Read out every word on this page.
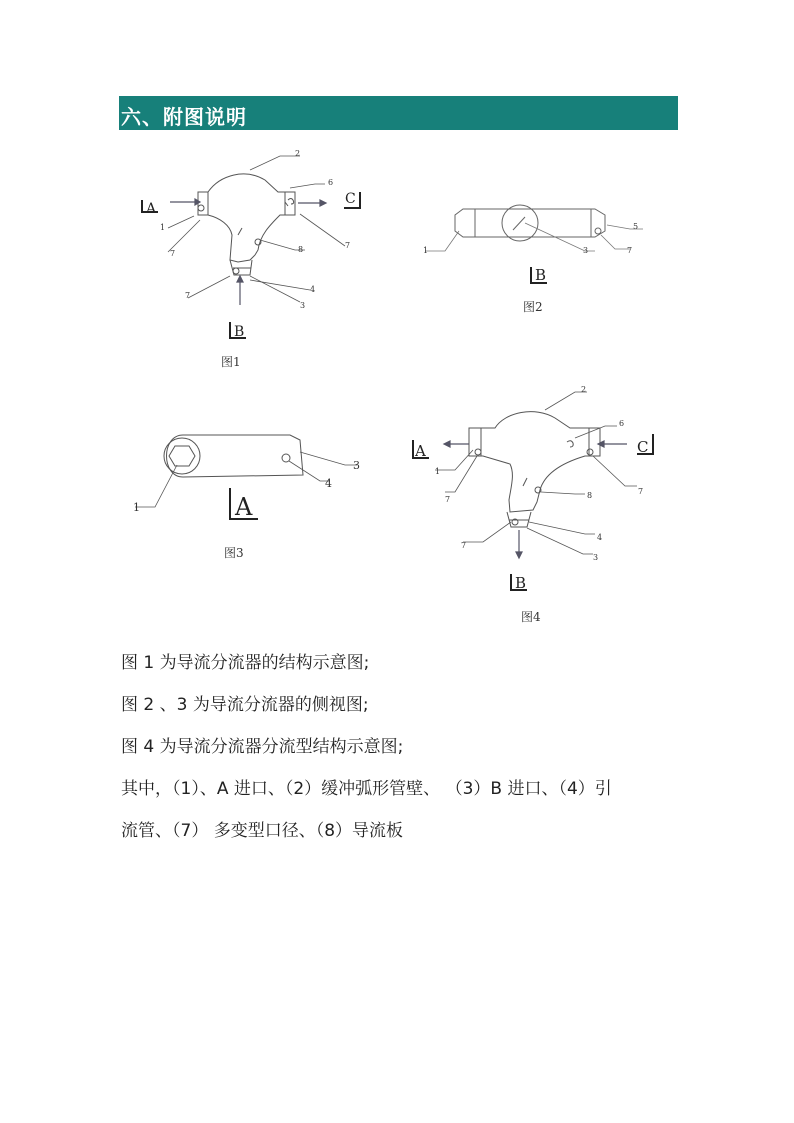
六、附图说明
A
C
B
2
1
7
6
7
8
7
4
3
图1
B
1	3
5
7
图2
A
1
3
4
图3
A	C
B
2
1
7
6
7
8
7
4
3
图4
图 1 为导流分流器的结构示意图;
图 2 、3 为导流分流器的侧视图;
图 4 为导流分流器分流型结构示意图;
其中，（1）、A 进口、（2）缓冲弧形管壁、 （3）B 进口、（4）引
流管、（7） 多变型口径、（8）导流板
